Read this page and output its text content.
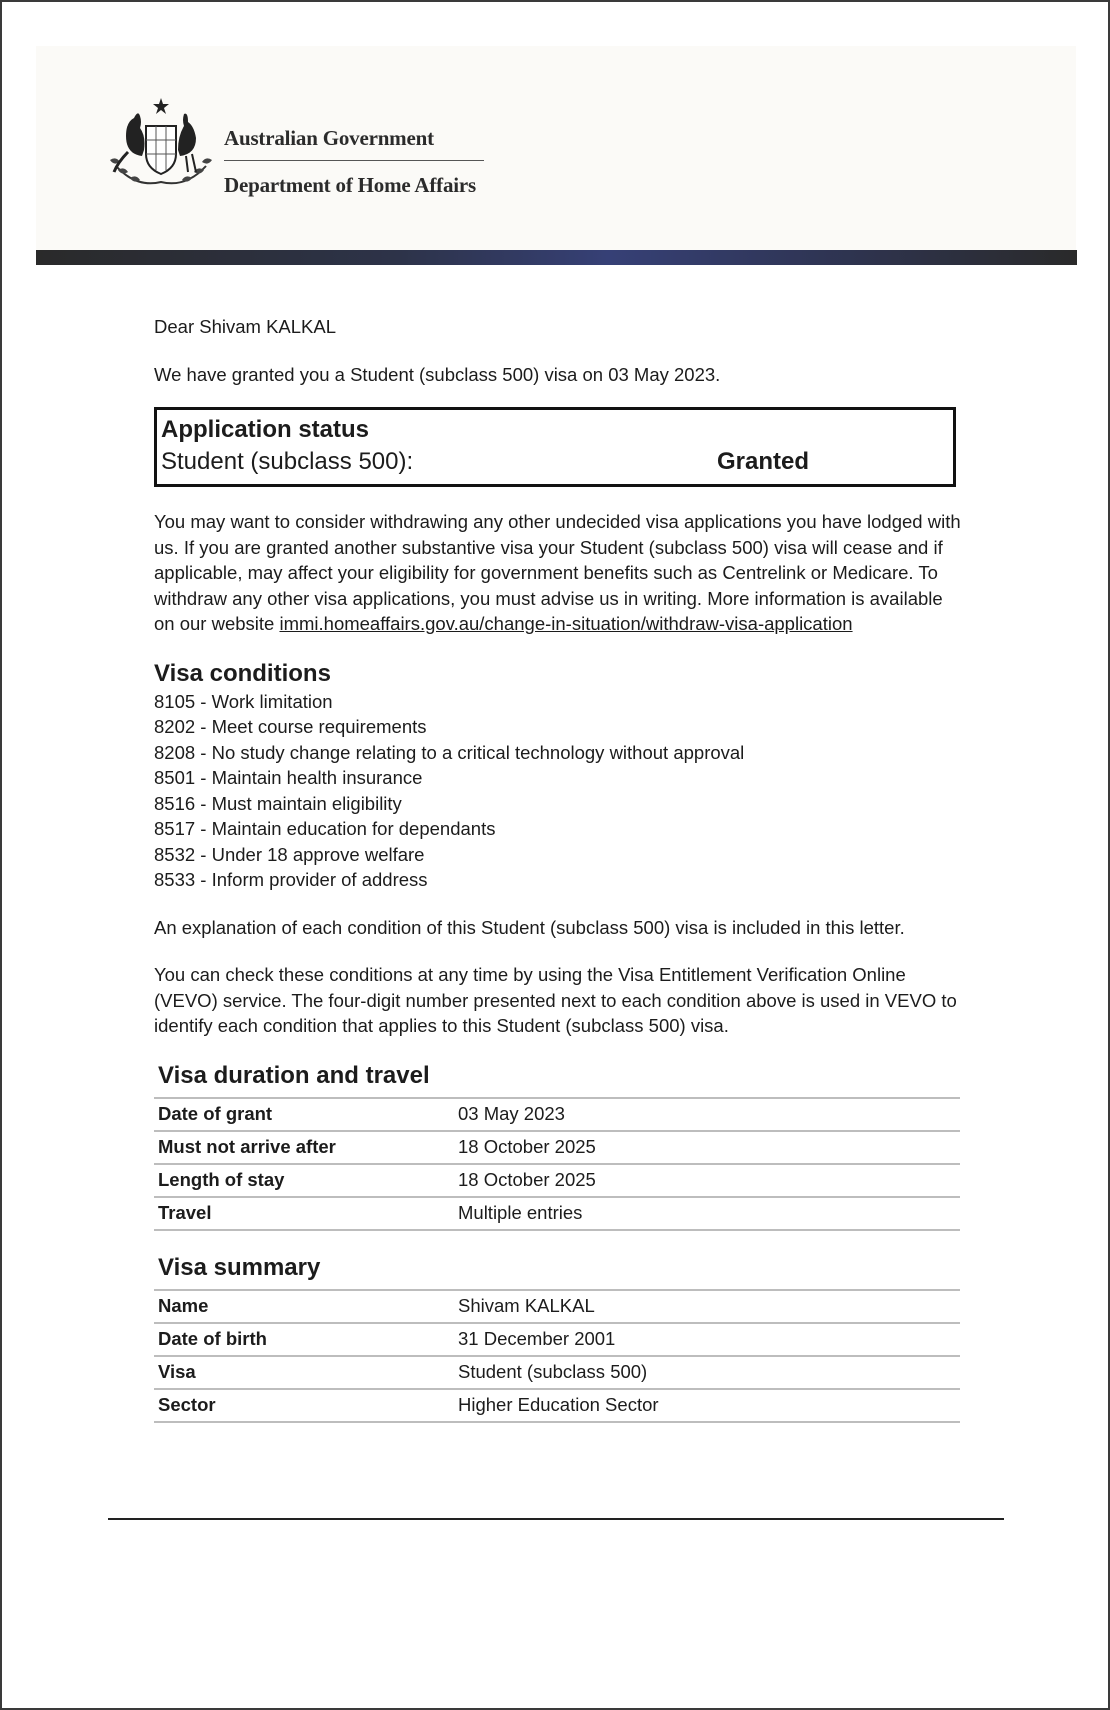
Australian Government
Department of Home Affairs

Dear Shivam KALKAL

We have granted you a Student (subclass 500) visa on 03 May 2023.

Application status
Student (subclass 500):	Granted

You may want to consider withdrawing any other undecided visa applications you have lodged with us. If you are granted another substantive visa your Student (subclass 500) visa will cease and if applicable, may affect your eligibility for government benefits such as Centrelink or Medicare. To withdraw any other visa applications, you must advise us in writing. More information is available on our website immi.homeaffairs.gov.au/change-in-situation/withdraw-visa-application

Visa conditions
8105 - Work limitation
8202 - Meet course requirements
8208 - No study change relating to a critical technology without approval
8501 - Maintain health insurance
8516 - Must maintain eligibility
8517 - Maintain education for dependants
8532 - Under 18 approve welfare
8533 - Inform provider of address

An explanation of each condition of this Student (subclass 500) visa is included in this letter.

You can check these conditions at any time by using the Visa Entitlement Verification Online (VEVO) service. The four-digit number presented next to each condition above is used in VEVO to identify each condition that applies to this Student (subclass 500) visa.

Visa duration and travel
Date of grant	03 May 2023
Must not arrive after	18 October 2025
Length of stay	18 October 2025
Travel	Multiple entries
Visa summary
Name	Shivam KALKAL
Date of birth	31 December 2001
Visa	Student (subclass 500)
Sector	Higher Education Sector
